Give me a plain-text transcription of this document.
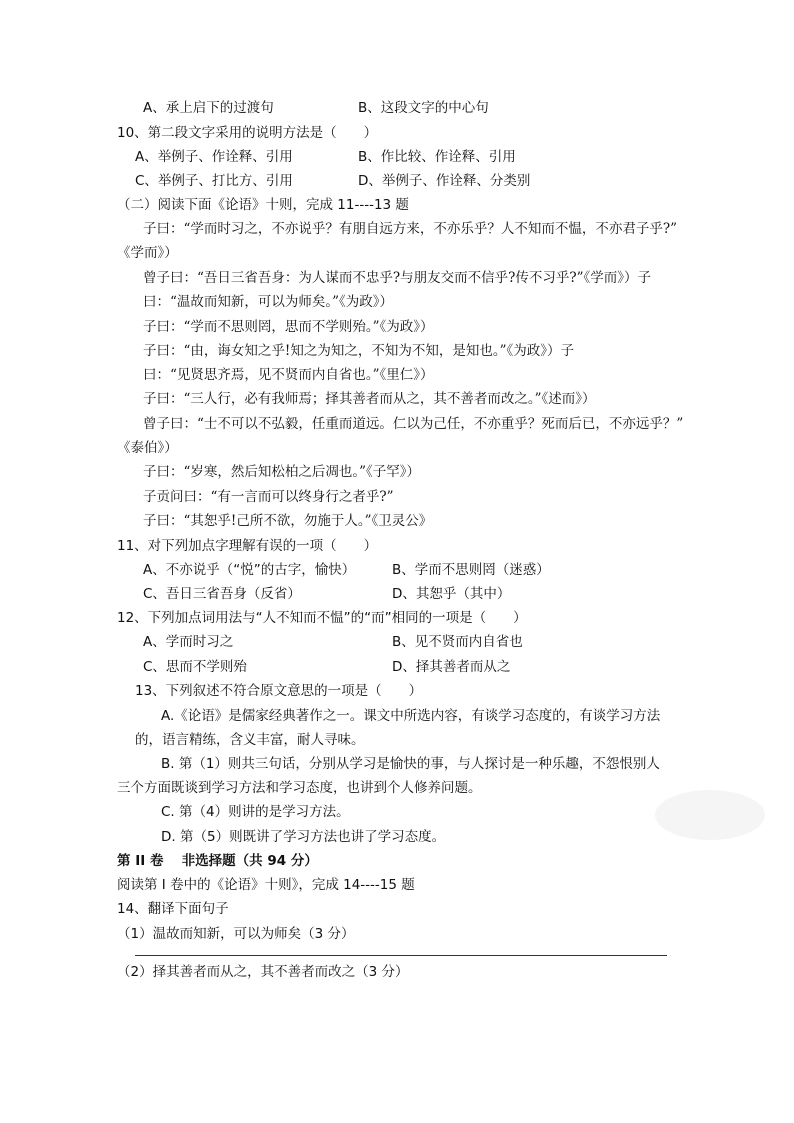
A、承上启下的过渡句	B、这段文字的中心句
10、第二段文字采用的说明方法是（　　）
A、举例子、作诠释、引用	B、作比较、作诠释、引用
C、举例子、打比方、引用	D、举例子、作诠释、分类别
（二）阅读下面《论语》十则，完成 11----13 题
子曰：“学而时习之，不亦说乎？有朋自远方来，不亦乐乎？人不知而不愠，不亦君子乎?”
《学而》）
曾子曰：“吾日三省吾身：为人谋而不忠乎?与朋友交而不信乎?传不习乎?”《学而》）子
曰：“温故而知新，可以为师矣。”《为政》）
子曰：“学而不思则罔，思而不学则殆。”《为政》）
子曰：“由，诲女知之乎!知之为知之，不知为不知，是知也。”《为政》）子
曰：“见贤思齐焉，见不贤而内自省也。”《里仁》）
子曰：“三人行，必有我师焉；择其善者而从之，其不善者而改之。”《述而》）
曾子曰：“士不可以不弘毅，任重而道远。仁以为己任，不亦重乎？死而后已，不亦远乎？”
《泰伯》）
子曰：“岁寒，然后知松柏之后凋也。”《子罕》）
子贡问曰：“有一言而可以终身行之者乎?”
子曰：“其恕乎!己所不欲，勿施于人。”《卫灵公》
11、对下列加点字理解有误的一项（　　）
A、不亦说乎（“悦”的古字，愉快）	B、学而不思则罔（迷惑）
C、吾日三省吾身（反省）	D、其恕乎（其中）
12、下列加点词用法与“人不知而不愠”的“而”相同的一项是（　　）
A、学而时习之	B、见不贤而内自省也
C、思而不学则殆	D、择其善者而从之
13、下列叙述不符合原文意思的一项是（　　）
A.《论语》是儒家经典著作之一。课文中所选内容，有谈学习态度的，有谈学习方法
的，语言精练，含义丰富，耐人寻味。
B. 第（1）则共三句话，分别从学习是愉快的事，与人探讨是一种乐趣，不怨恨别人
三个方面既谈到学习方法和学习态度，也讲到个人修养问题。
C. 第（4）则讲的是学习方法。
D. 第（5）则既讲了学习方法也讲了学习态度。
第 II 卷　 非选择题（共 94 分）
阅读第 I 卷中的《论语》十则》，完成 14----15 题
14、翻译下面句子
（1）温故而知新，可以为师矣（3 分）
（2）择其善者而从之，其不善者而改之（3 分）
